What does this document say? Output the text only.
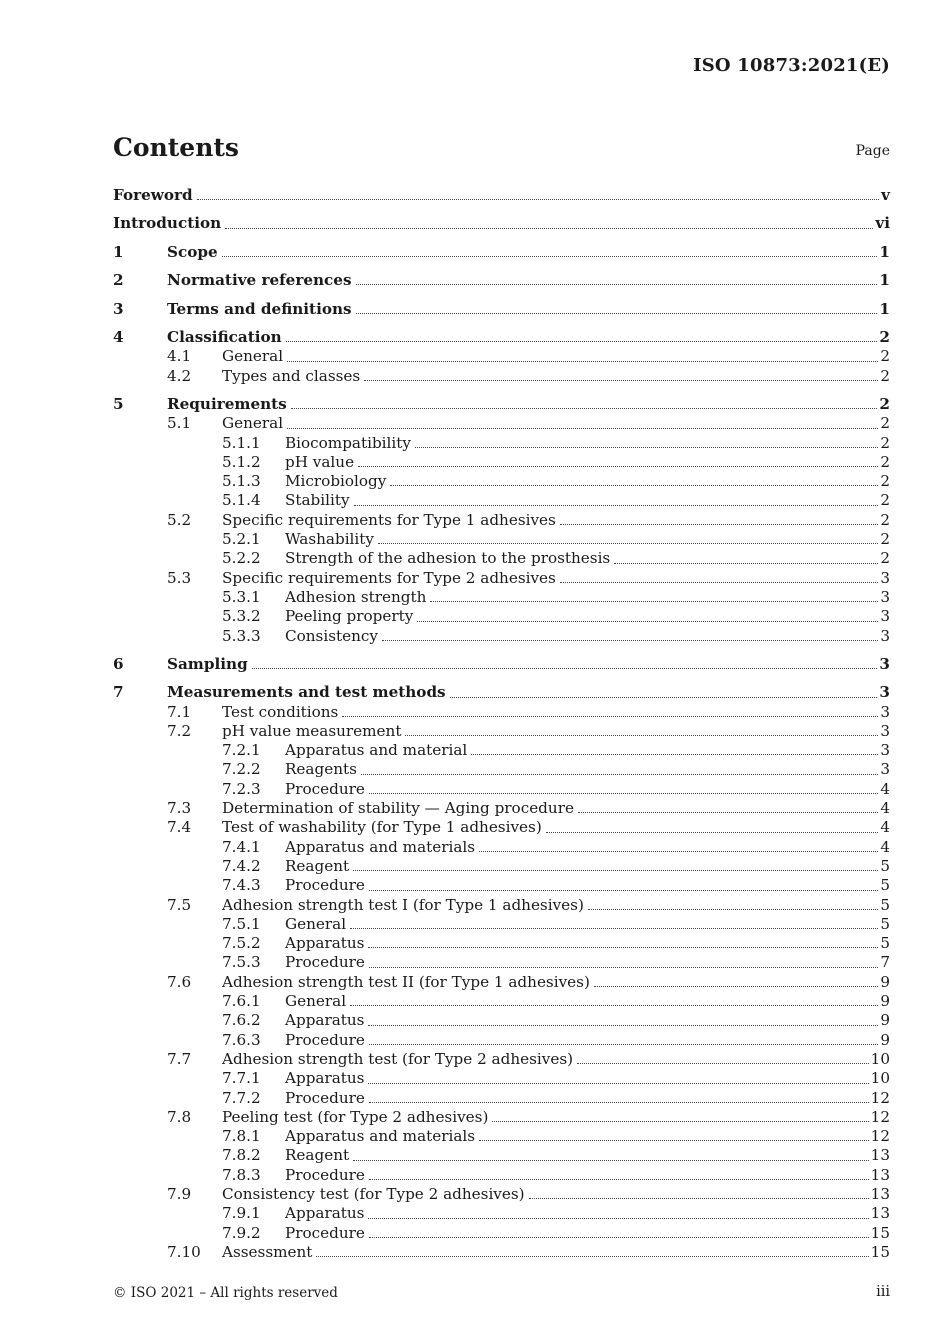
ISO 10873:2021(E)
Contents	Page
Foreword	v
Introduction	vi
1	Scope	1
2	Normative references	1
3	Terms and definitions	1
4	Classification	2
4.1 General	2
4.2 Types and classes	2
5	Requirements	2
5.1 General	2
5.1.1 Biocompatibility	2
5.1.2 pH value	2
5.1.3 Microbiology	2
5.1.4 Stability	2
5.2 Specific requirements for Type 1 adhesives	2
5.2.1 Washability	2
5.2.2 Strength of the adhesion to the prosthesis	2
5.3 Specific requirements for Type 2 adhesives	3
5.3.1 Adhesion strength	3
5.3.2 Peeling property	3
5.3.3 Consistency	3
6	Sampling	3
7	Measurements and test methods	3
7.1 Test conditions	3
7.2 pH value measurement	3
7.2.1 Apparatus and material	3
7.2.2 Reagents	3
7.2.3 Procedure	4
7.3 Determination of stability — Aging procedure	4
7.4 Test of washability (for Type 1 adhesives)	4
7.4.1 Apparatus and materials	4
7.4.2 Reagent	5
7.4.3 Procedure	5
7.5 Adhesion strength test I (for Type 1 adhesives)	5
7.5.1 General	5
7.5.2 Apparatus	5
7.5.3 Procedure	7
7.6 Adhesion strength test II (for Type 1 adhesives)	9
7.6.1 General	9
7.6.2 Apparatus	9
7.6.3 Procedure	9
7.7 Adhesion strength test (for Type 2 adhesives)	10
7.7.1 Apparatus	10
7.7.2 Procedure	12
7.8 Peeling test (for Type 2 adhesives)	12
7.8.1 Apparatus and materials	12
7.8.2 Reagent	13
7.8.3 Procedure	13
7.9 Consistency test (for Type 2 adhesives)	13
7.9.1 Apparatus	13
7.9.2 Procedure	15
7.10 Assessment	15
© ISO 2021 – All rights reserved	iii
